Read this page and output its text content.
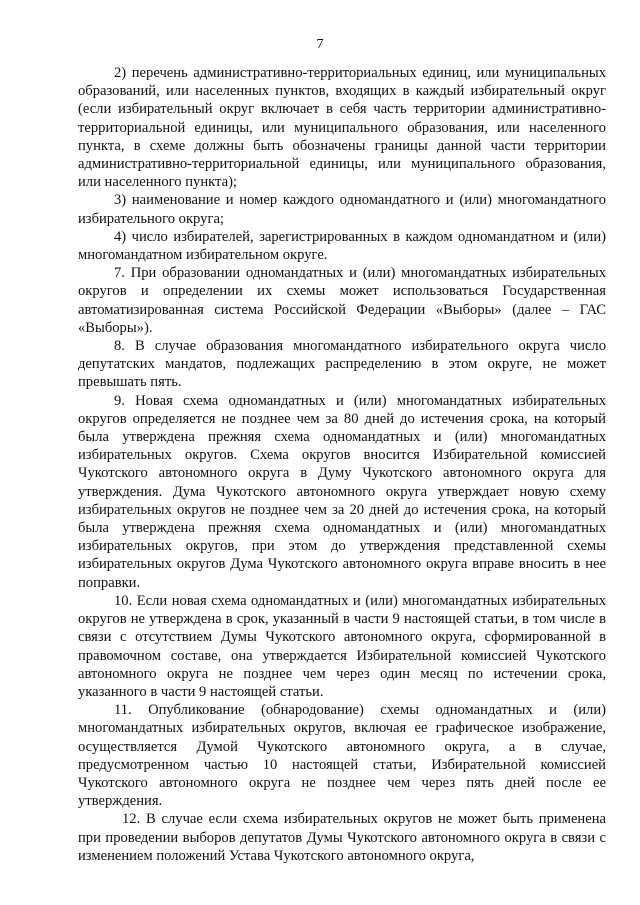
7

2) перечень административно-территориальных единиц, или муниципальных образований, или населенных пунктов, входящих в каждый избирательный округ (если избирательный округ включает в себя часть территории административно-территориальной единицы, или муниципального образования, или населенного пункта, в схеме должны быть обозначены границы данной части территории административно-территориальной единицы, или муниципального образования, или населенного пункта);

3) наименование и номер каждого одномандатного и (или) многомандатного избирательного округа;

4) число избирателей, зарегистрированных в каждом одномандатном и (или) многомандатном избирательном округе.

7. При образовании одномандатных и (или) многомандатных избирательных округов и определении их схемы может использоваться Государственная автоматизированная система Российской Федерации «Выборы» (далее – ГАС «Выборы»).

8. В случае образования многомандатного избирательного округа число депутатских мандатов, подлежащих распределению в этом округе, не может превышать пять.

9. Новая схема одномандатных и (или) многомандатных избирательных округов определяется не позднее чем за 80 дней до истечения срока, на который была утверждена прежняя схема одномандатных и (или) многомандатных избирательных округов. Схема округов вносится Избирательной комиссией Чукотского автономного округа в Думу Чукотского автономного округа для утверждения. Дума Чукотского автономного округа утверждает новую схему избирательных округов не позднее чем за 20 дней до истечения срока, на который была утверждена прежняя схема одномандатных и (или) многомандатных избирательных округов, при этом до утверждения представленной схемы избирательных округов Дума Чукотского автономного округа вправе вносить в нее поправки.

10. Если новая схема одномандатных и (или) многомандатных избирательных округов не утверждена в срок, указанный в части 9 настоящей статьи, в том числе в связи с отсутствием Думы Чукотского автономного округа, сформированной в правомочном составе, она утверждается Избирательной комиссией Чукотского автономного округа не позднее чем через один месяц по истечении срока, указанного в части 9 настоящей статьи.

11. Опубликование (обнародование) схемы одномандатных и (или) многомандатных избирательных округов, включая ее графическое изображение, осуществляется Думой Чукотского автономного округа, а в случае, предусмотренном частью 10 настоящей статьи, Избирательной комиссией Чукотского автономного округа не позднее чем через пять дней после ее утверждения.

12. В случае если схема избирательных округов не может быть применена при проведении выборов депутатов Думы Чукотского автономного округа в связи с изменением положений Устава Чукотского автономного округа,
